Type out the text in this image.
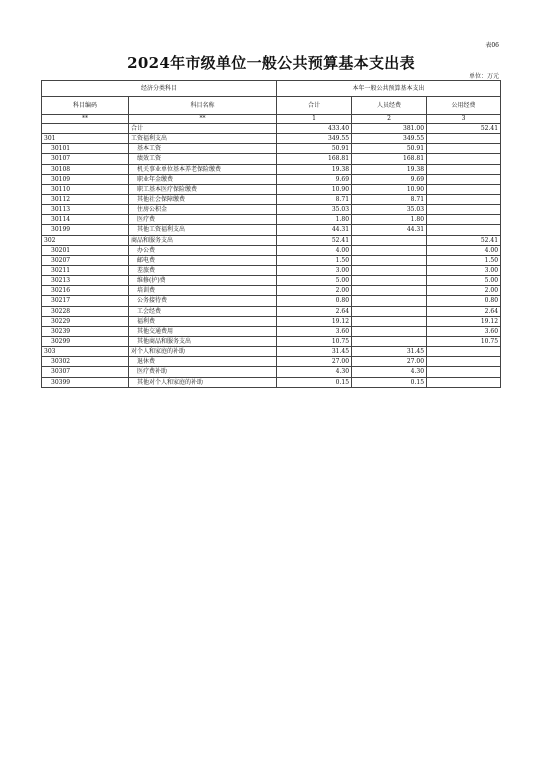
表06
2024年市级单位一般公共预算基本支出表
单位：万元
经济分类科目		本年一般公共预算基本支出		
科目编码	科目名称	合计	人员经费	公用经费
**	**	1	2	3
	合计	433.40	381.00	52.41
301	工资福利支出	349.55	349.55	
30101	基本工资	50.91	50.91	
30107	绩效工资	168.81	168.81	
30108	机关事业单位基本养老保险缴费	19.38	19.38	
30109	职业年金缴费	9.69	9.69	
30110	职工基本医疗保险缴费	10.90	10.90	
30112	其他社会保障缴费	8.71	8.71	
30113	住房公积金	35.03	35.03	
30114	医疗费	1.80	1.80	
30199	其他工资福利支出	44.31	44.31	
302	商品和服务支出	52.41		52.41
30201	办公费	4.00		4.00
30207	邮电费	1.50		1.50
30211	差旅费	3.00		3.00
30213	维修(护)费	5.00		5.00
30216	培训费	2.00		2.00
30217	公务接待费	0.80		0.80
30228	工会经费	2.64		2.64
30229	福利费	19.12		19.12
30239	其他交通费用	3.60		3.60
30299	其他商品和服务支出	10.75		10.75
303	对个人和家庭的补助	31.45	31.45	
30302	退休费	27.00	27.00	
30307	医疗费补助	4.30	4.30	
30399	其他对个人和家庭的补助	0.15	0.15	
